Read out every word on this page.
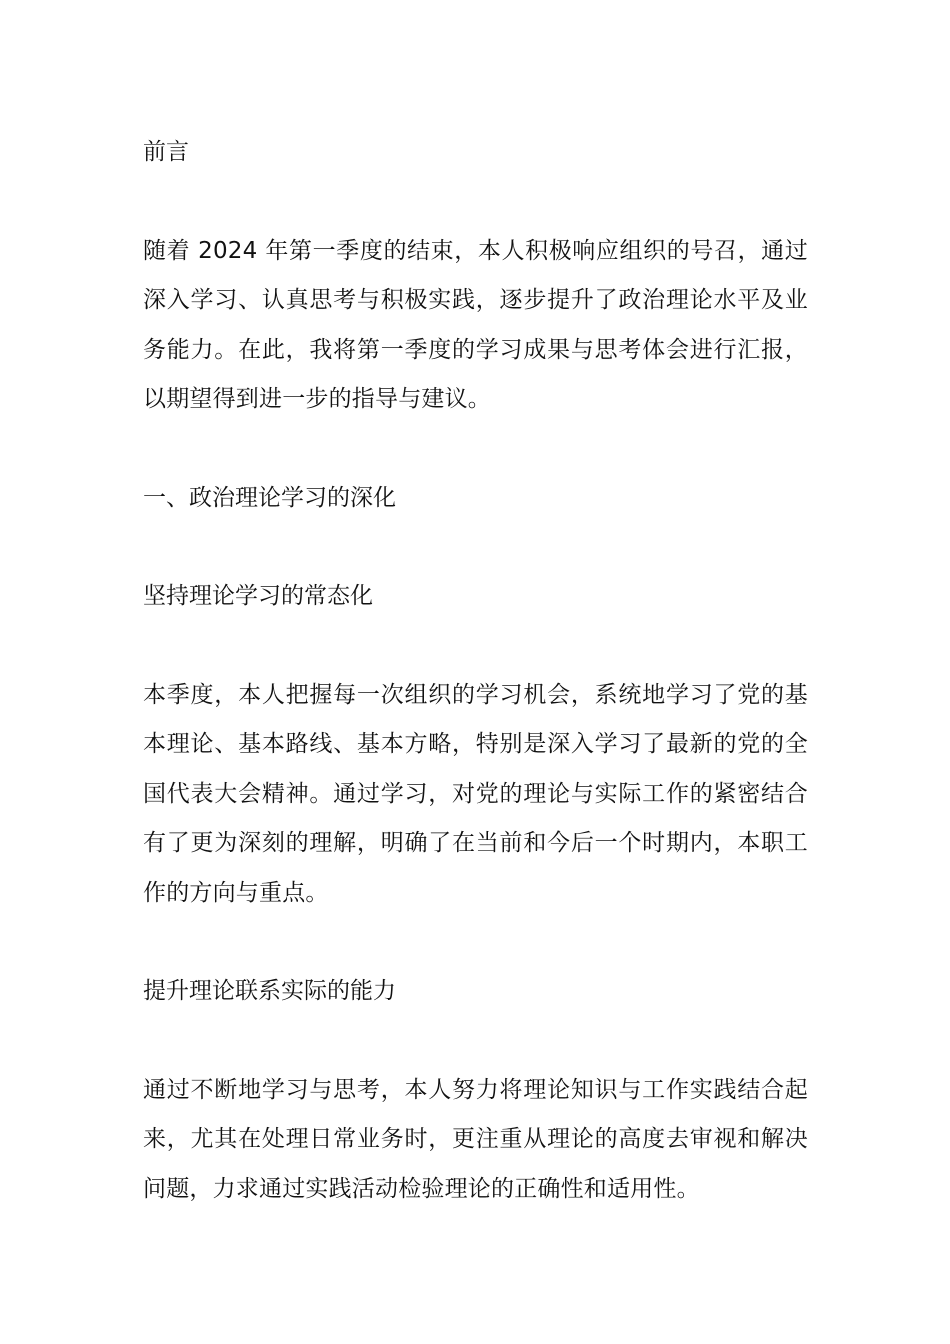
前言

随着 2024 年第一季度的结束，本人积极响应组织的号召，通过深入学习、认真思考与积极实践，逐步提升了政治理论水平及业务能力。在此，我将第一季度的学习成果与思考体会进行汇报，以期望得到进一步的指导与建议。

一、政治理论学习的深化

坚持理论学习的常态化

本季度，本人把握每一次组织的学习机会，系统地学习了党的基本理论、基本路线、基本方略，特别是深入学习了最新的党的全国代表大会精神。通过学习，对党的理论与实际工作的紧密结合有了更为深刻的理解，明确了在当前和今后一个时期内，本职工作的方向与重点。

提升理论联系实际的能力

通过不断地学习与思考，本人努力将理论知识与工作实践结合起来，尤其在处理日常业务时，更注重从理论的高度去审视和解决问题，力求通过实践活动检验理论的正确性和适用性。
